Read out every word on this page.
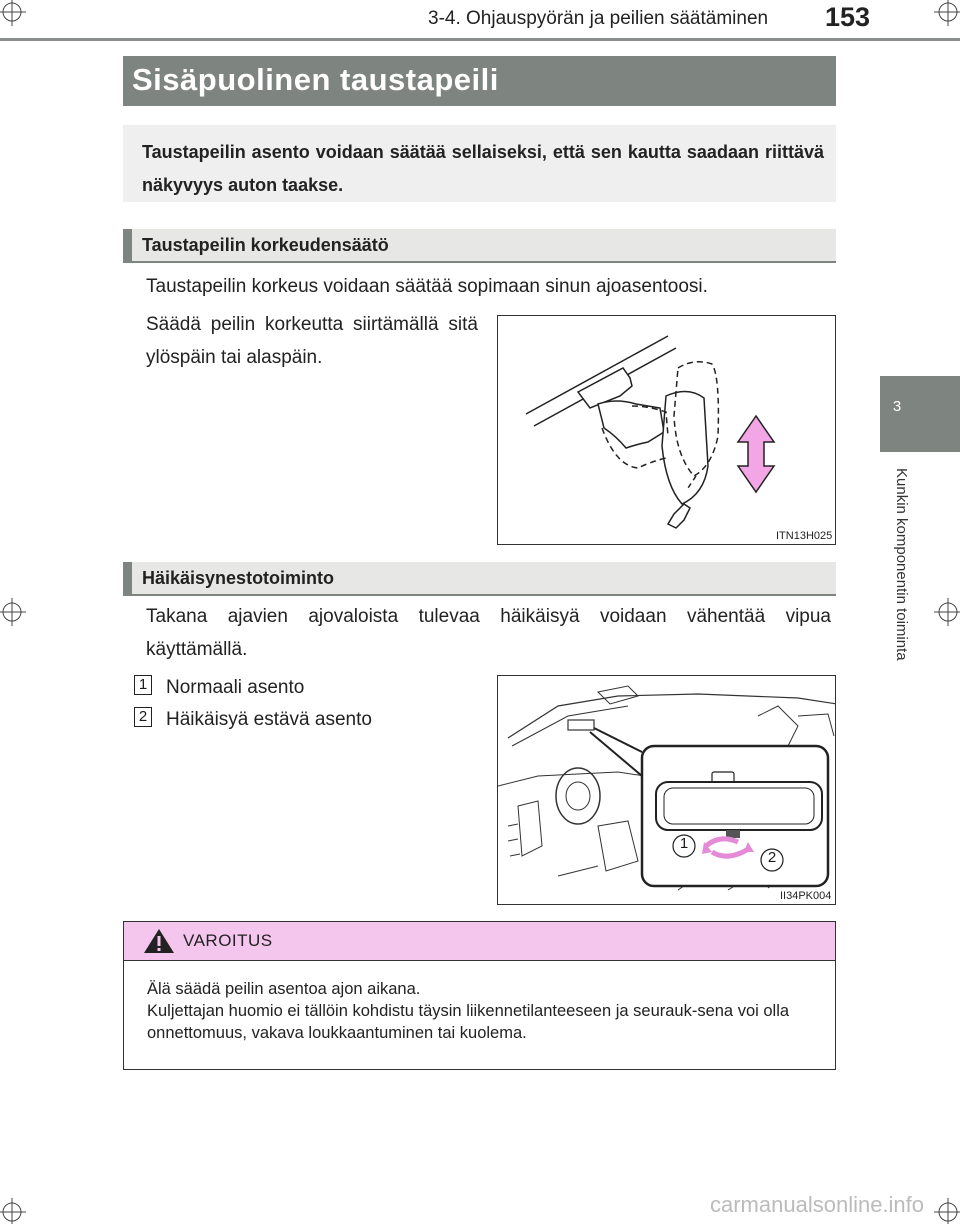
3-4. Ohjauspyörän ja peilien säätäminen 153
3
Kunkin komponentin toiminta
Sisäpuolinen taustapeili
Taustapeilin asento voidaan säätää sellaiseksi, että sen kautta saadaan riittävä näkyvyys auton taakse.
Taustapeilin korkeudensäätö
Taustapeilin korkeus voidaan säätää sopimaan sinun ajoasentoosi.
Säädä peilin korkeutta siirtämällä sitä ylöspäin tai alaspäin.
ITN13H025
Häikäisynestotoiminto
Takana ajavien ajovaloista tulevaa häikäisyä voidaan vähentää vipua käyttämällä.
1 Normaali asento
2 Häikäisyä estävä asento
1
2
II34PK004
VAROITUS
Älä säädä peilin asentoa ajon aikana.
Kuljettajan huomio ei tällöin kohdistu täysin liikennetilanteeseen ja seurauk-sena voi olla onnettomuus, vakava loukkaantuminen tai kuolema.
carmanualsonline.info
